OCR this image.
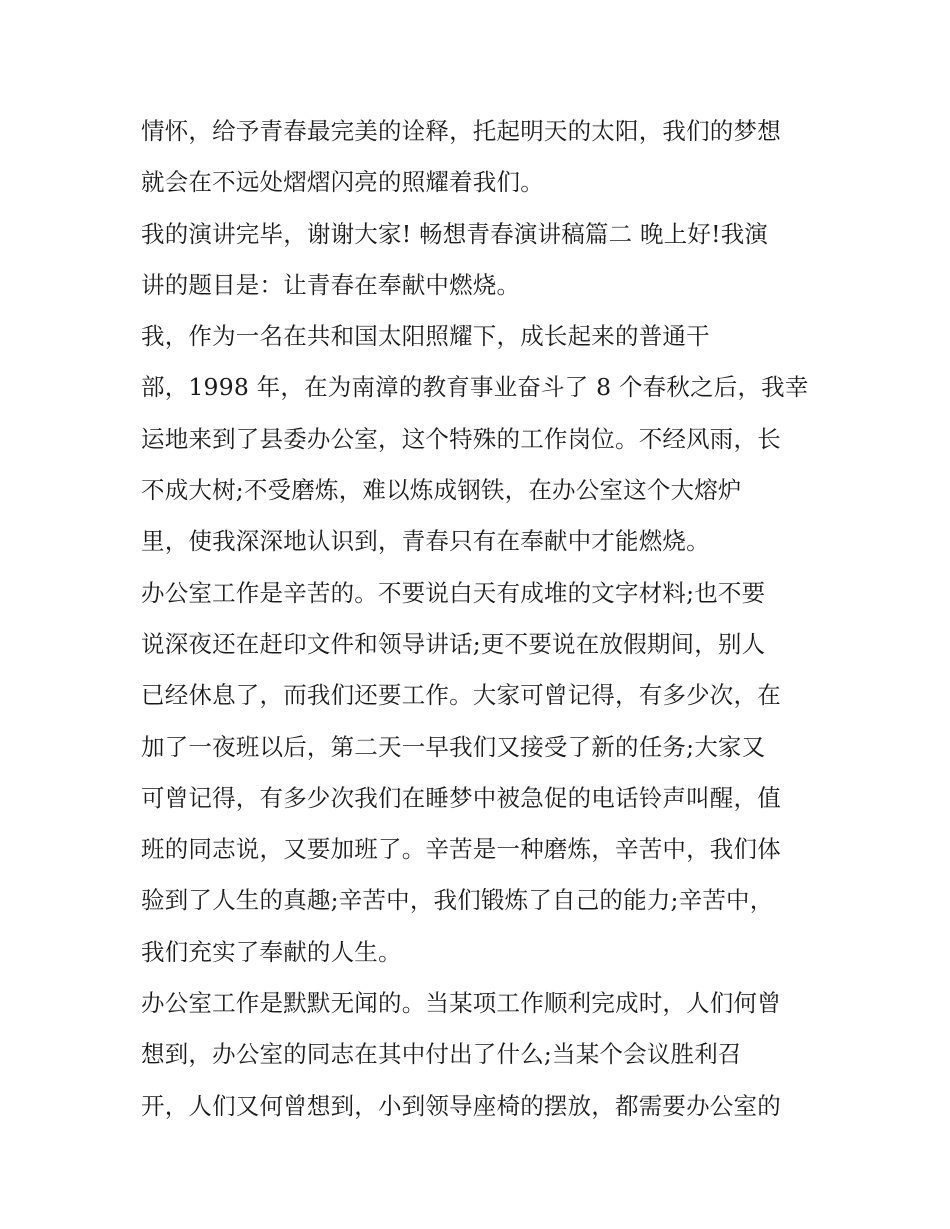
情怀，给予青春最完美的诠释，托起明天的太阳，我们的梦想
就会在不远处熠熠闪亮的照耀着我们。
我的演讲完毕，谢谢大家! 畅想青春演讲稿篇二 晚上好!我演
讲的题目是：让青春在奉献中燃烧。
我，作为一名在共和国太阳照耀下，成长起来的普通干
部，1998 年，在为南漳的教育事业奋斗了 8 个春秋之后，我幸
运地来到了县委办公室，这个特殊的工作岗位。不经风雨，长
不成大树;不受磨炼，难以炼成钢铁，在办公室这个大熔炉
里，使我深深地认识到，青春只有在奉献中才能燃烧。
办公室工作是辛苦的。不要说白天有成堆的文字材料;也不要
说深夜还在赶印文件和领导讲话;更不要说在放假期间，别人
已经休息了，而我们还要工作。大家可曾记得，有多少次，在
加了一夜班以后，第二天一早我们又接受了新的任务;大家又
可曾记得，有多少次我们在睡梦中被急促的电话铃声叫醒，值
班的同志说，又要加班了。辛苦是一种磨炼，辛苦中，我们体
验到了人生的真趣;辛苦中，我们锻炼了自己的能力;辛苦中，
我们充实了奉献的人生。
办公室工作是默默无闻的。当某项工作顺利完成时，人们何曾
想到，办公室的同志在其中付出了什么;当某个会议胜利召
开，人们又何曾想到，小到领导座椅的摆放，都需要办公室的
